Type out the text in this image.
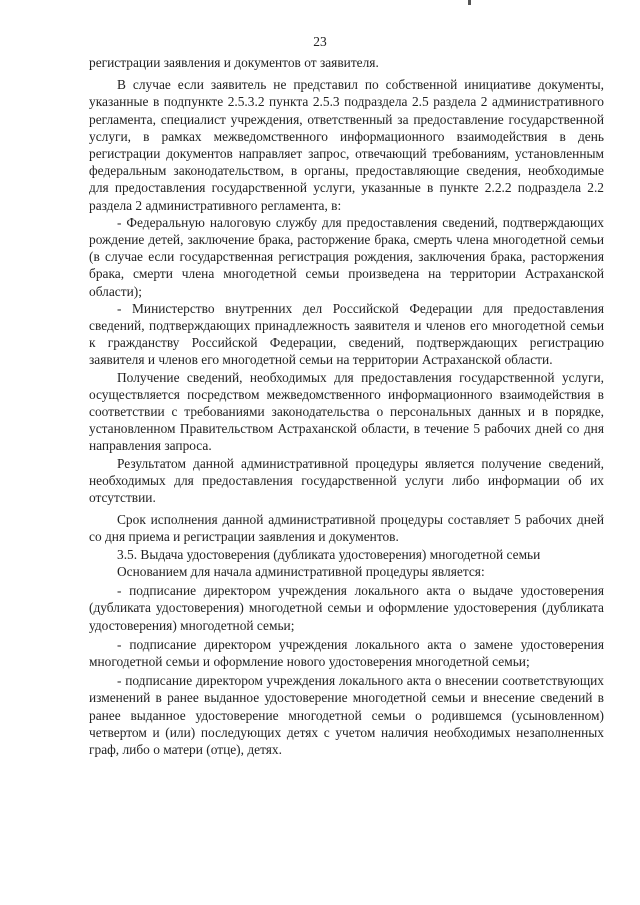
23

регистрации заявления и документов от заявителя.

В случае если заявитель не представил по собственной инициативе документы, указанные в подпункте 2.5.3.2 пункта 2.5.3 подраздела 2.5 раздела 2 административного регламента, специалист учреждения, ответственный за предоставление государственной услуги, в рамках межведомственного информационного взаимодействия в день регистрации документов направляет запрос, отвечающий требованиям, установленным федеральным законодательством, в органы, предоставляющие сведения, необходимые для предоставления государственной услуги, указанные в пункте 2.2.2 подраздела 2.2 раздела 2 административного регламента, в:

- Федеральную налоговую службу для предоставления сведений, подтверждающих рождение детей, заключение брака, расторжение брака, смерть члена многодетной семьи (в случае если государственная регистрация рождения, заключения брака, расторжения брака, смерти члена многодетной семьи произведена на территории Астраханской области);

- Министерство внутренних дел Российской Федерации для предоставления сведений, подтверждающих принадлежность заявителя и членов его многодетной семьи к гражданству Российской Федерации, сведений, подтверждающих регистрацию заявителя и членов его многодетной семьи на территории Астраханской области.

Получение сведений, необходимых для предоставления государственной услуги, осуществляется посредством межведомственного информационного взаимодействия в соответствии с требованиями законодательства о персональных данных и в порядке, установленном Правительством Астраханской области, в течение 5 рабочих дней со дня направления запроса.

Результатом данной административной процедуры является получение сведений, необходимых для предоставления государственной услуги либо информации об их отсутствии.

Срок исполнения данной административной процедуры составляет 5 рабочих дней со дня приема и регистрации заявления и документов.

3.5. Выдача удостоверения (дубликата удостоверения) многодетной семьи

Основанием для начала административной процедуры является:

- подписание директором учреждения локального акта о выдаче удостоверения (дубликата удостоверения) многодетной семьи и оформление удостоверения (дубликата удостоверения) многодетной семьи;

- подписание директором учреждения локального акта о замене удостоверения многодетной семьи и оформление нового удостоверения многодетной семьи;

- подписание директором учреждения локального акта о внесении соответствующих изменений в ранее выданное удостоверение многодетной семьи и внесение сведений в ранее выданное удостоверение многодетной семьи о родившемся (усыновленном) четвертом и (или) последующих детях с учетом наличия необходимых незаполненных граф, либо о матери (отце), детях.
